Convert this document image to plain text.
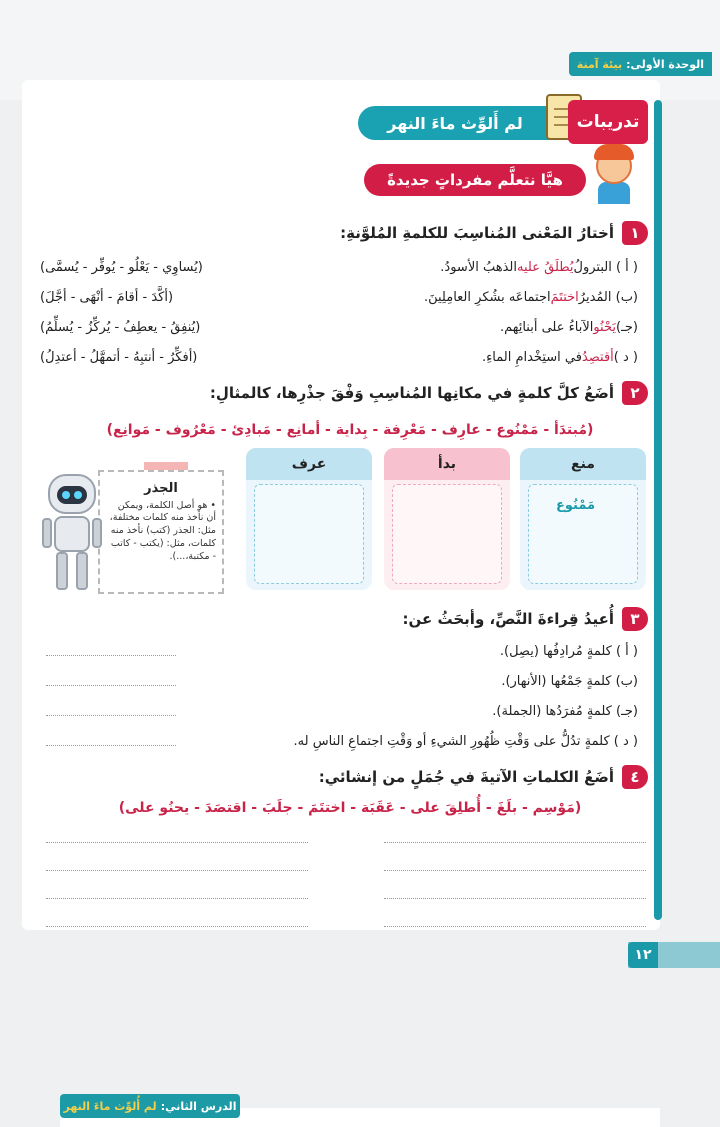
الوحدة الأولى:
بيئة آمنة
لم أَلوِّث ماءَ النهر	تدريبات
هيَّا نتعلَّم مفرداتٍ جديدةً
١
أختارُ المَعْنى المُناسِبَ للكلمةِ المُلوَّنةِ:
( أ ) البترولُ
يُطلَقُ عليه
الذهبُ الأسودُ.
(يُساوِي - يَعْلُو - يُوفِّر - يُسمَّى)
(ب) المُديرُ
اختتَمَ
اجتماعَه بشُكرِ العامِلِينَ.
(أكَّدَ - أقامَ - أنْهَى - أجَّلَ)
(جـ)
يَحْنُو
الآباءُ على أبنائِهم.
(يُنفِقُ - يعطِفُ - يُركِّزُ - يُسلِّمُ)
( د )
أقتصِدُ
في استِخْدامِ الماءِ.
(أفكِّرُ - أنتبِهُ - أتمهَّلُ - أعتدِلُ)
٢
أضَعُ كلَّ كلمةٍ في مكانِها المُناسِبِ وَفْقَ جذْرِها، كالمثالِ:
(مُبتدَأ - مَمْنُوع - عارِف - مَعْرِفة - بِداية - أمانِع - مَبادِئ - مَعْرُوف - مَوانِع)
منع
بدأ
عرف
مَمْنُوع
الجذر
• هو أصل الكلمة، ويمكن أن نأخذ منه كلمات مختلفة، مثل: الجذر (كتب) نأخذ منه كلمات، مثل: (يكتب - كاتب - مكتبة،...).
٣
أُعيدُ قِراءةَ النَّصِّ، وأبحَثُ عن:
( أ ) كلمةٍ مُرادِفُها (يصِل).
(ب) كلمةٍ جَمْعُها (الأنهار).
(جـ) كلمةٍ مُفرَدُها (الجملة).
( د ) كلمةٍ تدُلُّ على وَقْتِ ظُهُورِ الشيءِ أو وَقْتِ اجتماعِ الناسِ له.
٤
أضَعُ الكلماتِ الآتيةَ في جُمَلٍ من إنشائي:
(مَوْسِم - بلَغَ - أُطلِقَ على - عَقَبَة - اختتَمَ - جلَبَ - اقتصَدَ - يحنُو على)
١٢
الدرس الثاني:
لم أُلوِّث ماءَ النهر
